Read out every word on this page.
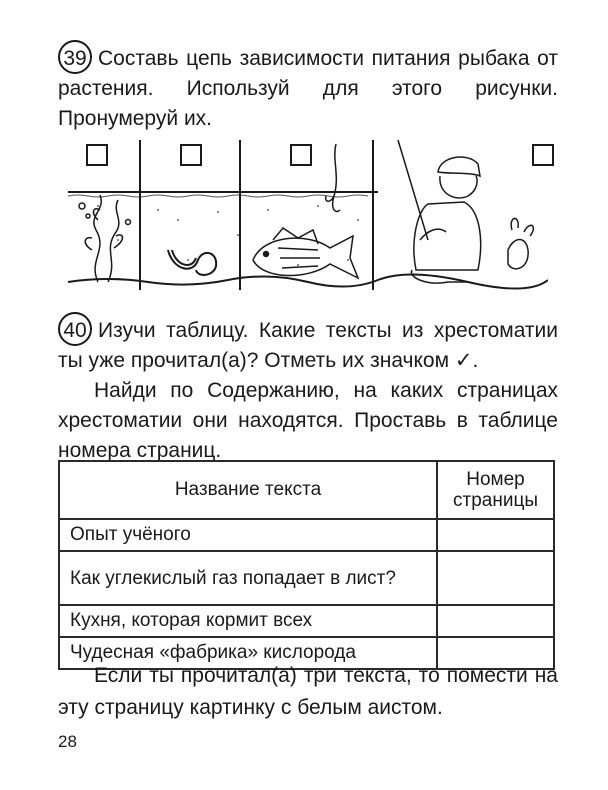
39 Составь цепь зависимости питания рыбака от растения. Используй для этого рисунки. Пронумеруй их.

40 Изучи таблицу. Какие тексты из хрестоматии ты уже прочитал(а)? Отметь их значком ✓.

Найди по Содержанию, на каких страницах хрестоматии они находятся. Проставь в таблице номера страниц.

Название текста	Номер страницы
Опыт учёного	
Как углекислый газ попадает в лист?	
Кухня, которая кормит всех	
Чудесная «фабрика» кислорода	

Если ты прочитал(а) три текста, то помести на эту страницу картинку с белым аистом.

28
